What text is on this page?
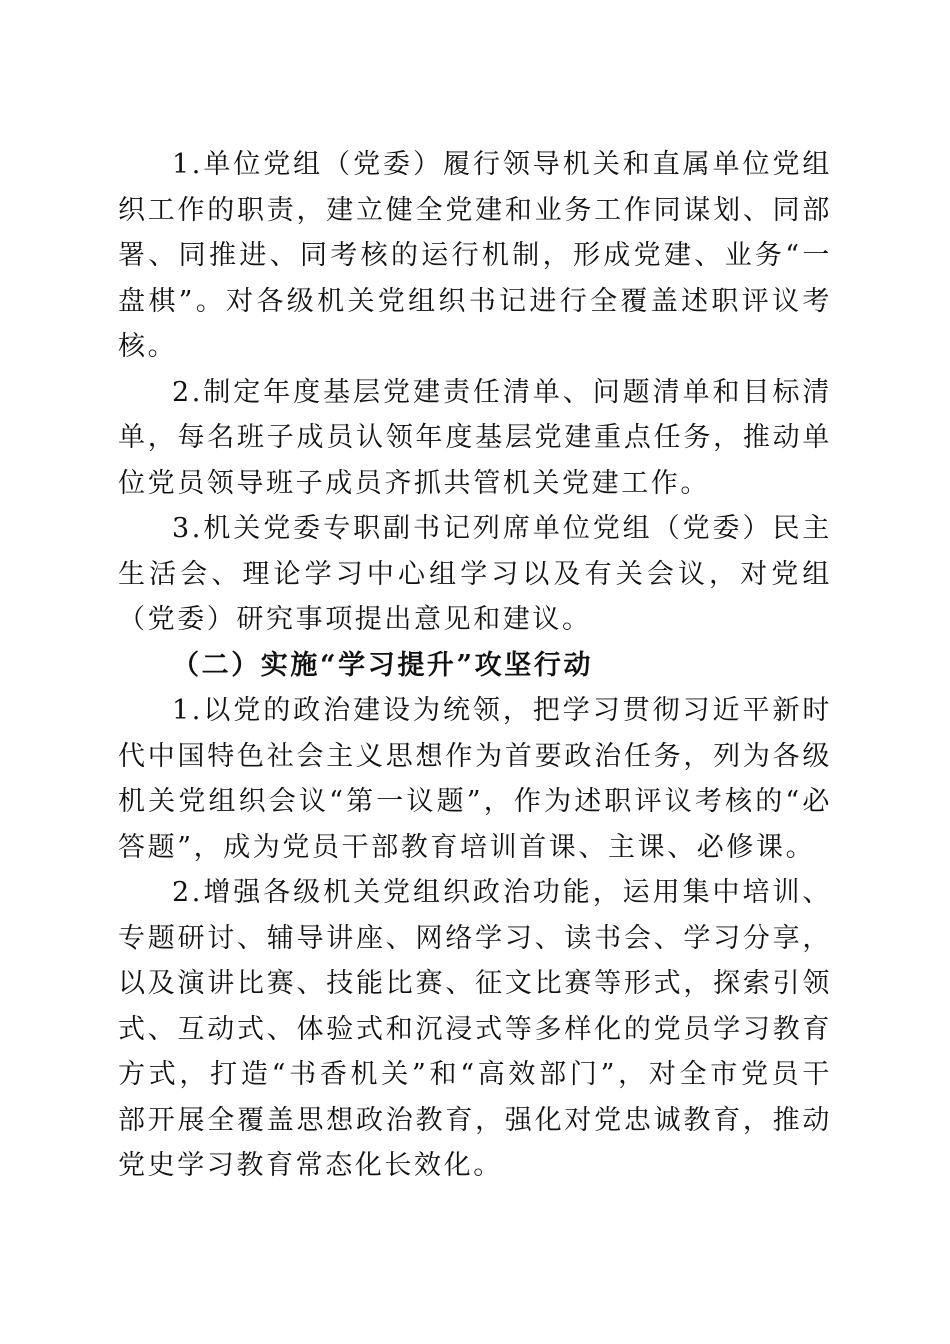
1.单位党组（党委）履行领导机关和直属单位党组织工作的职责，建立健全党建和业务工作同谋划、同部署、同推进、同考核的运行机制，形成党建、业务“一盘棋”。对各级机关党组织书记进行全覆盖述职评议考核。

2.制定年度基层党建责任清单、问题清单和目标清单，每名班子成员认领年度基层党建重点任务，推动单位党员领导班子成员齐抓共管机关党建工作。

3.机关党委专职副书记列席单位党组（党委）民主生活会、理论学习中心组学习以及有关会议，对党组（党委）研究事项提出意见和建议。

（二）实施“学习提升”攻坚行动

1.以党的政治建设为统领，把学习贯彻习近平新时代中国特色社会主义思想作为首要政治任务，列为各级机关党组织会议“第一议题”，作为述职评议考核的“必答题”，成为党员干部教育培训首课、主课、必修课。

2.增强各级机关党组织政治功能，运用集中培训、专题研讨、辅导讲座、网络学习、读书会、学习分享，以及演讲比赛、技能比赛、征文比赛等形式，探索引领式、互动式、体验式和沉浸式等多样化的党员学习教育方式，打造“书香机关”和“高效部门”，对全市党员干部开展全覆盖思想政治教育，强化对党忠诚教育，推动党史学习教育常态化长效化。
